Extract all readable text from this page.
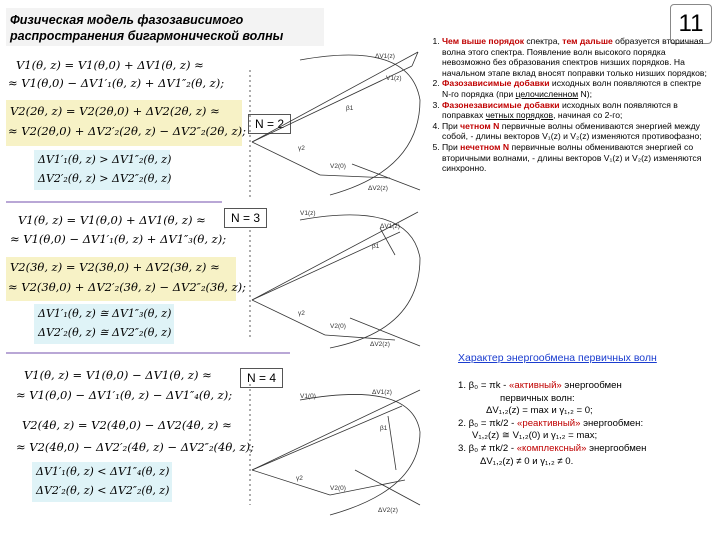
Физическая модель фазозависимого
распространения бигармонической волны	11
V1(θ, z) = V1(θ,0) + ΔV1(θ, z) ≈
≈ V1(θ,0) − ΔV1′₁(θ, z) + ΔV1″₂(θ, z);
V2(2θ, z) = V2(2θ,0) + ΔV2(2θ, z) ≈
≈ V2(2θ,0) + ΔV2′₂(2θ, z) − ΔV2″₂(2θ, z); N = 2
ΔV1′₁(θ, z) > ΔV1″₂(θ, z)
ΔV2′₂(θ, z) > ΔV2″₂(θ, z)
N = 3
V1(θ, z) = V1(θ,0) + ΔV1(θ, z) ≈
≈ V1(θ,0) − ΔV1′₁(θ, z) + ΔV1″₃(θ, z);
V2(3θ, z) = V2(3θ,0) + ΔV2(3θ, z) ≈
≈ V2(3θ,0) + ΔV2′₂(3θ, z) − ΔV2″₂(3θ, z);
ΔV1′₁(θ, z) ≅ ΔV1″₃(θ, z)
ΔV2′₂(θ, z) ≅ ΔV2″₂(θ, z)
N = 4
V1(θ, z) = V1(θ,0) − ΔV1(θ, z) ≈
≈ V1(θ,0) − ΔV1′₁(θ, z) − ΔV1″₄(θ, z);
V2(4θ, z) = V2(4θ,0) − ΔV2(4θ, z) ≈
≈ V2(4θ,0) − ΔV2′₂(4θ, z) − ΔV2″₂(4θ, z);
ΔV1′₁(θ, z) < ΔV1″₄(θ, z)
ΔV2′₂(θ, z) < ΔV2″₂(θ, z)
ΔV1(z)
V1(z)
β1
γ2
V2(0)
ΔV2(z)
V1(z)
ΔV1(z)
β1
γ2
V2(0)
ΔV2(z)
V1(0)
ΔV1(z)
β1
γ2
V2(0)
ΔV2(z)
1. Чем выше порядок спектра, тем дальше образуется вторичная волна этого спектра. Появление волн высокого порядка невозможно без образования спектров низших порядков. На начальном этапе вклад вносят поправки только низших порядков;
2. Фазозависимые добавки исходных волн появляются в спектре N-го порядка (при целочисленном N);
3. Фазонезависимые добавки исходных волн появляются в поправках четных порядков, начиная со 2-го;
4. При четном N первичные волны обмениваются энергией между собой, - длины векторов V₁(z) и V₂(z) изменяются противофазно;
5. При нечетном N первичные волны обмениваются энергией со вторичными волнами, - длины векторов V₁(z) и V₂(z) изменяются синхронно.
Характер энергообмена первичных волн
1. β₀ = πk - «активный» энергообмен
первичных волн:
ΔV₁,₂(z) = max и γ₁,₂ = 0;
2. β₀ = πk/2 - «реактивный» энергообмен:
V₁,₂(z) ≅ V₁,₂(0) и γ₁,₂ = max;
3. β₀ ≠ πk/2 - «комплексный» энергообмен
ΔV₁,₂(z) ≠ 0 и γ₁,₂ ≠ 0.
